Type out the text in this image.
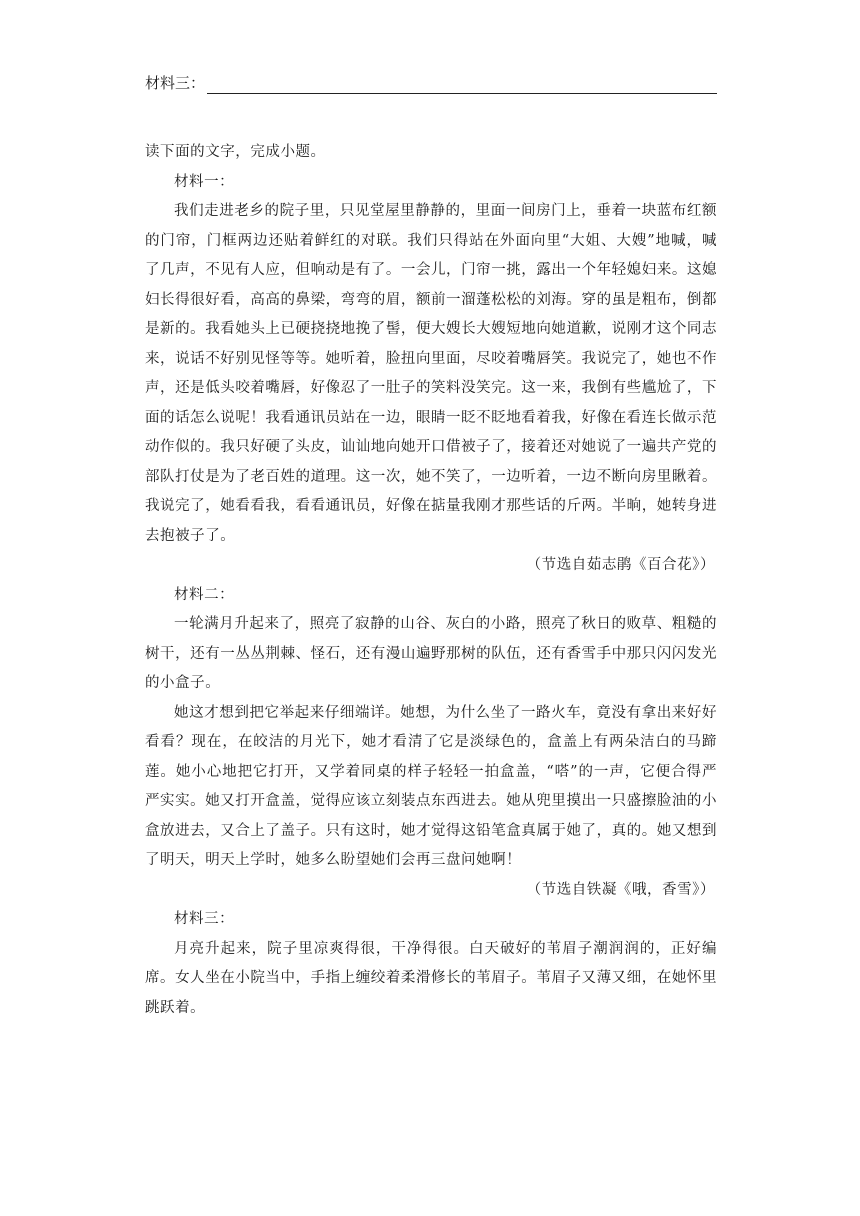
材料三：

读下面的文字，完成小题。

材料一：

我们走进老乡的院子里，只见堂屋里静静的，里面一间房门上，垂着一块蓝布红额的门帘，门框两边还贴着鲜红的对联。我们只得站在外面向里“大姐、大嫂”地喊，喊了几声，不见有人应，但响动是有了。一会儿，门帘一挑，露出一个年轻媳妇来。这媳妇长得很好看，高高的鼻梁，弯弯的眉，额前一溜蓬松松的刘海。穿的虽是粗布，倒都是新的。我看她头上已硬挠挠地挽了髻，便大嫂长大嫂短地向她道歉，说刚才这个同志来，说话不好别见怪等等。她听着，脸扭向里面，尽咬着嘴唇笑。我说完了，她也不作声，还是低头咬着嘴唇，好像忍了一肚子的笑料没笑完。这一来，我倒有些尴尬了，下面的话怎么说呢！我看通讯员站在一边，眼睛一眨不眨地看着我，好像在看连长做示范动作似的。我只好硬了头皮，讪讪地向她开口借被子了，接着还对她说了一遍共产党的部队打仗是为了老百姓的道理。这一次，她不笑了，一边听着，一边不断向房里瞅着。我说完了，她看看我，看看通讯员，好像在掂量我刚才那些话的斤两。半晌，她转身进去抱被子了。

（节选自茹志鹃《百合花》）

材料二：

一轮满月升起来了，照亮了寂静的山谷、灰白的小路，照亮了秋日的败草、粗糙的树干，还有一丛丛荆棘、怪石，还有漫山遍野那树的队伍，还有香雪手中那只闪闪发光的小盒子。

她这才想到把它举起来仔细端详。她想，为什么坐了一路火车，竟没有拿出来好好看看？现在，在皎洁的月光下，她才看清了它是淡绿色的，盒盖上有两朵洁白的马蹄莲。她小心地把它打开，又学着同桌的样子轻轻一拍盒盖，“嗒”的一声，它便合得严严实实。她又打开盒盖，觉得应该立刻装点东西进去。她从兜里摸出一只盛擦脸油的小盒放进去，又合上了盖子。只有这时，她才觉得这铅笔盒真属于她了，真的。她又想到了明天，明天上学时，她多么盼望她们会再三盘问她啊！

（节选自铁凝《哦，香雪》）

材料三：

月亮升起来，院子里凉爽得很，干净得很。白天破好的苇眉子潮润润的，正好编席。女人坐在小院当中，手指上缠绞着柔滑修长的苇眉子。苇眉子又薄又细，在她怀里跳跃着。
